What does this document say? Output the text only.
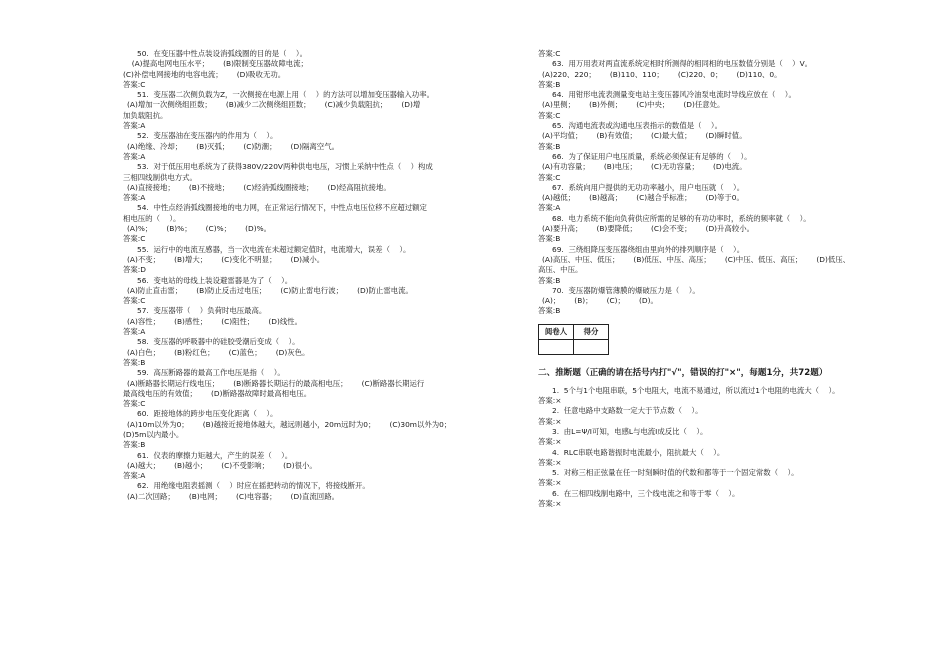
50.  在变压器中性点装设消弧线圈的目的是（    ）。
(A)提高电网电压水平；      (B)限制变压器故障电流；
(C)补偿电网接地的电容电流；      (D)吸收无功。
答案:C
51.  变压器二次侧负载为Z，一次侧接在电源上用（    ）的方法可以增加变压器输入功率。
(A)增加一次侧绕组匝数；      (B)减少二次侧绕组匝数；      (C)减少负载阻抗；      (D)增
加负载阻抗。
答案:A
52.  变压器油在变压器内的作用为（    ）。
(A)绝缘、冷却；      (B)灭弧；      (C)防潮；      (D)隔离空气。
答案:A
53.  对于低压用电系统为了获得380V/220V两种供电电压，习惯上采纳中性点（    ）构成
三相四线制供电方式。
(A)直接接地；      (B)不接地；      (C)经消弧线圈接地；      (D)经高阻抗接地。
答案:A
54.  中性点经消弧线圈接地的电力网，在正常运行情况下，中性点电压位移不应超过额定
相电压的（    ）。
(A)%；      (B)%；      (C)%；      (D)%。
答案:C
55.  运行中的电流互感器，当一次电流在未超过额定值时，电流增大，误差（    ）。
(A)不变；      (B)增大；      (C)变化不明显；      (D)减小。
答案:D
56.  变电站的母线上装设避雷器是为了（    ）。
(A)防止直击雷；      (B)防止反击过电压；      (C)防止雷电行波；      (D)防止雷电流。
答案:C
57.  变压器带（    ）负荷时电压最高。
(A)容性；      (B)感性；      (C)阻性；      (D)线性。
答案:A
58.  变压器的呼吸器中的硅胶受潮后变成（    ）。
(A)白色；      (B)粉红色；      (C)蓝色；      (D)灰色。
答案:B
59.  高压断路器的最高工作电压是指（    ）。
(A)断路器长期运行线电压；      (B)断路器长期运行的最高相电压；      (C)断路器长期运行
最高线电压的有效值；      (D)断路器故障时最高相电压。
答案:C
60.  距接地体的跨步电压变化距离（    ）。
(A)10m以外为0；      (B)越接近接地体越大，越远则越小，20m远时为0；      (C)30m以外为0；
(D)5m以内最小。
答案:B
61.  仪表的摩擦力矩越大，产生的误差（    ）。
(A)越大；      (B)越小；      (C)不受影响；      (D)很小。
答案:A
62.  用绝缘电阻表摇测（    ）时应在摇把转动的情况下，将接线断开。
(A)二次回路；      (B)电网；      (C)电容器；      (D)直流回路。
答案:C
63.  用万用表对两直流系统定相时所测得的相同相的电压数值分别是（    ）V。
(A)220、220；      (B)110、110；      (C)220、0；      (D)110、0。
答案:B
64.  用钳形电流表测量变电站主变压器风冷油泵电流时导线应放在（    ）。
(A)里侧；      (B)外侧；      (C)中央；      (D)任意处。
答案:C
65.  沟通电流表或沟通电压表指示的数值是（    ）。
(A)平均值；      (B)有效值；      (C)最大值；      (D)瞬时值。
答案:B
66.  为了保证用户电压质量，系统必须保证有足够的（    ）。
(A)有功容量；      (B)电压；      (C)无功容量；      (D)电流。
答案:C
67.  系统向用户提供的无功功率越小，用户电压就（    ）。
(A)越低；      (B)越高；      (C)越合乎标准；      (D)等于0。
答案:A
68.  电力系统不能向负荷供应所需的足够的有功功率时，系统的频率就（    ）。
(A)要升高；      (B)要降低；      (C)会不变；      (D)升高较小。
答案:B
69.  三绕组降压变压器绕组由里向外的排列顺序是（    ）。
(A)高压、中压、低压；      (B)低压、中压、高压；      (C)中压、低压、高压；      (D)低压、
高压、中压。
答案:B
70.  变压器防爆管薄膜的爆破压力是（    ）。
(A)；      (B)；      (C)；      (D)。
答案:B
阅卷人	得分

二、推断题（正确的请在括号内打"√"，错误的打"×"，每题1分，共72题）
1.  5个与1个电阻串联，5个电阻大，电流不易通过，所以流过1个电阻的电流大（    ）。
答案:×
2.  任意电路中支路数一定大于节点数（    ）。
答案:×
3.  由L=Ψ/I可知，电感L与电流I成反比（    ）。
答案:×
4.  RLC串联电路谐振时电流最小，阻抗最大（    ）。
答案:×
5.  对称三相正弦量在任一时刻瞬时值的代数和都等于一个固定常数（    ）。
答案:×
6.  在三相四线制电路中，三个线电流之和等于零（    ）。
答案:×
